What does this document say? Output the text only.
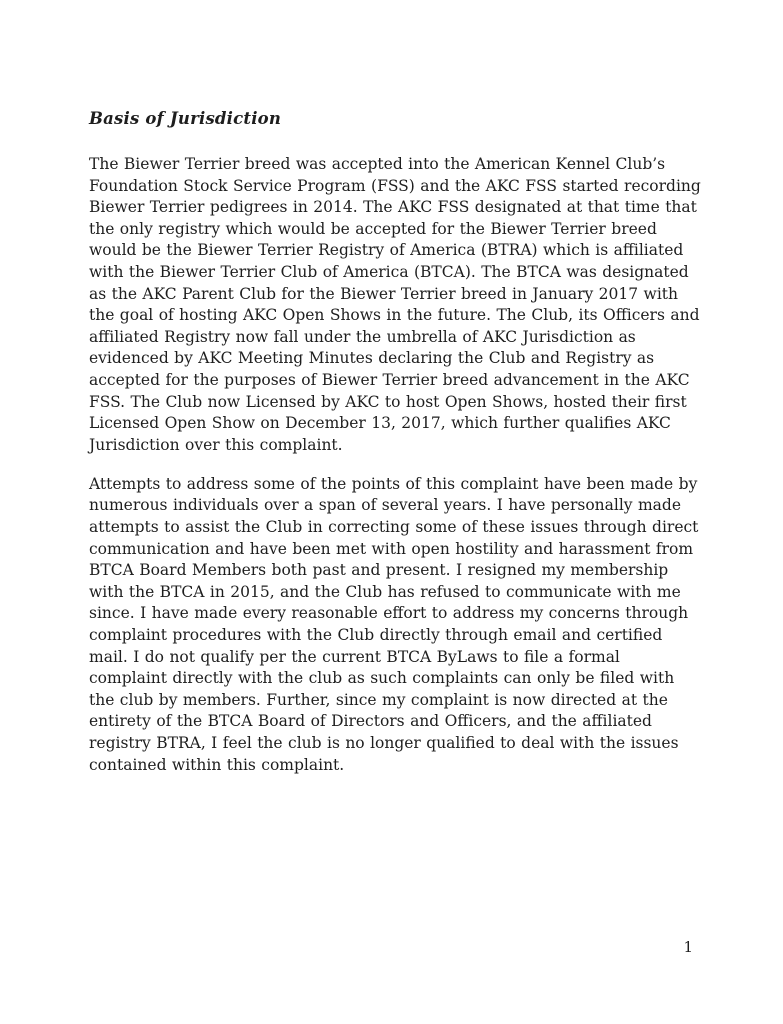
Basis of Jurisdiction

The Biewer Terrier breed was accepted into the American Kennel Club’s Foundation Stock Service Program (FSS) and the AKC FSS started recording Biewer Terrier pedigrees in 2014. The AKC FSS designated at that time that the only registry which would be accepted for the Biewer Terrier breed would be the Biewer Terrier Registry of America (BTRA) which is affiliated with the Biewer Terrier Club of America (BTCA). The BTCA was designated as the AKC Parent Club for the Biewer Terrier breed in January 2017 with the goal of hosting AKC Open Shows in the future. The Club, its Officers and affiliated Registry now fall under the umbrella of AKC Jurisdiction as evidenced by AKC Meeting Minutes declaring the Club and Registry as accepted for the purposes of Biewer Terrier breed advancement in the AKC FSS. The Club now Licensed by AKC to host Open Shows, hosted their first Licensed Open Show on December 13, 2017, which further qualifies AKC Jurisdiction over this complaint.

Attempts to address some of the points of this complaint have been made by numerous individuals over a span of several years. I have personally made attempts to assist the Club in correcting some of these issues through direct communication and have been met with open hostility and harassment from BTCA Board Members both past and present. I resigned my membership with the BTCA in 2015, and the Club has refused to communicate with me since. I have made every reasonable effort to address my concerns through complaint procedures with the Club directly through email and certified mail. I do not qualify per the current BTCA ByLaws to file a formal complaint directly with the club as such complaints can only be filed with the club by members. Further, since my complaint is now directed at the entirety of the BTCA Board of Directors and Officers, and the affiliated registry BTRA, I feel the club is no longer qualified to deal with the issues contained within this complaint.

1
